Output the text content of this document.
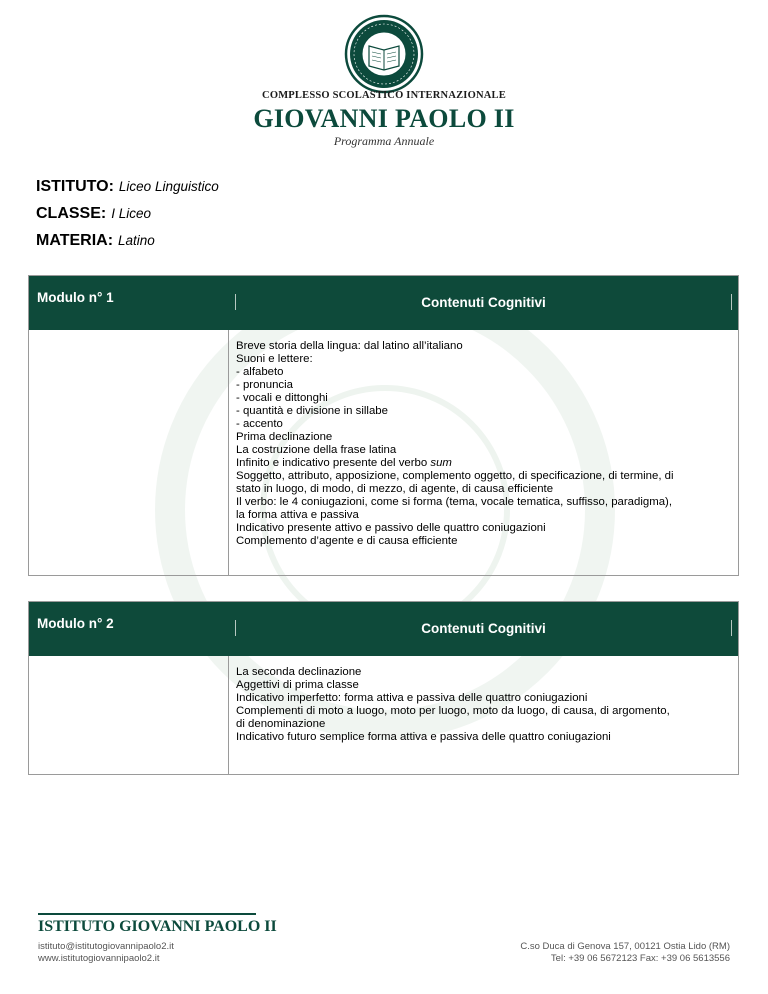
COMPLESSO SCOLASTICO INTERNAZIONALE
GIOVANNI PAOLO II
Programma Annuale
ISTITUTO: Liceo Linguistico
CLASSE: I Liceo
MATERIA: Latino
Modulo n° 1	Contenuti Cognitivi
Breve storia della lingua: dal latino all’italiano
Suoni e lettere:
- alfabeto
- pronuncia
- vocali e dittonghi
- quantità e divisione in sillabe
- accento
Prima declinazione
La costruzione della frase latina
Infinito e indicativo presente del verbo sum
Soggetto, attributo, apposizione, complemento oggetto, di specificazione, di termine, di
stato in luogo, di modo, di mezzo, di agente, di causa efficiente
Il verbo: le 4 coniugazioni, come si forma (tema, vocale tematica, suffisso, paradigma),
la forma attiva e passiva
Indicativo presente attivo e passivo delle quattro coniugazioni
Complemento d’agente e di causa efficiente
Modulo n° 2	Contenuti Cognitivi
La seconda declinazione
Aggettivi di prima classe
Indicativo imperfetto: forma attiva e passiva delle quattro coniugazioni
Complementi di moto a luogo, moto per luogo, moto da luogo, di causa, di argomento,
di denominazione
Indicativo futuro semplice forma attiva e passiva delle quattro coniugazioni
ISTITUTO GIOVANNI PAOLO II
istituto@istitutogiovannipaolo2.it
www.istitutogiovannipaolo2.it
C.so Duca di Genova 157, 00121 Ostia Lido (RM)
Tel: +39 06 5672123 Fax: +39 06 5613556
